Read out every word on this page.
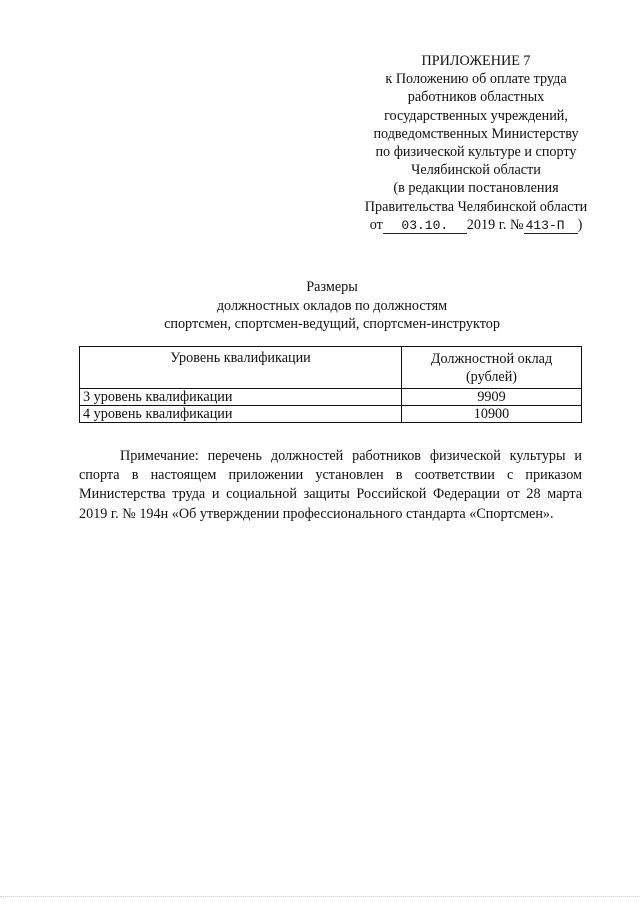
ПРИЛОЖЕНИЕ 7
к Положению об оплате труда
работников областных
государственных учреждений,
подведомственных Министерству
по физической культуре и спорту
Челябинской области
(в редакции постановления
Правительства Челябинской области
от 03.10. 2019 г. № 413-П )
Размеры
должностных окладов по должностям
спортсмен, спортсмен-ведущий, спортсмен-инструктор
Уровень квалификации	Должностной оклад
(рублей)
3 уровень квалификации	9909
4 уровень квалификации	10900

Примечание: перечень должностей работников физической культуры и спорта в настоящем приложении установлен в соответствии с приказом Министерства труда и социальной защиты Российской Федерации от 28 марта 2019 г. № 194н «Об утверждении профессионального стандарта «Спортсмен».
